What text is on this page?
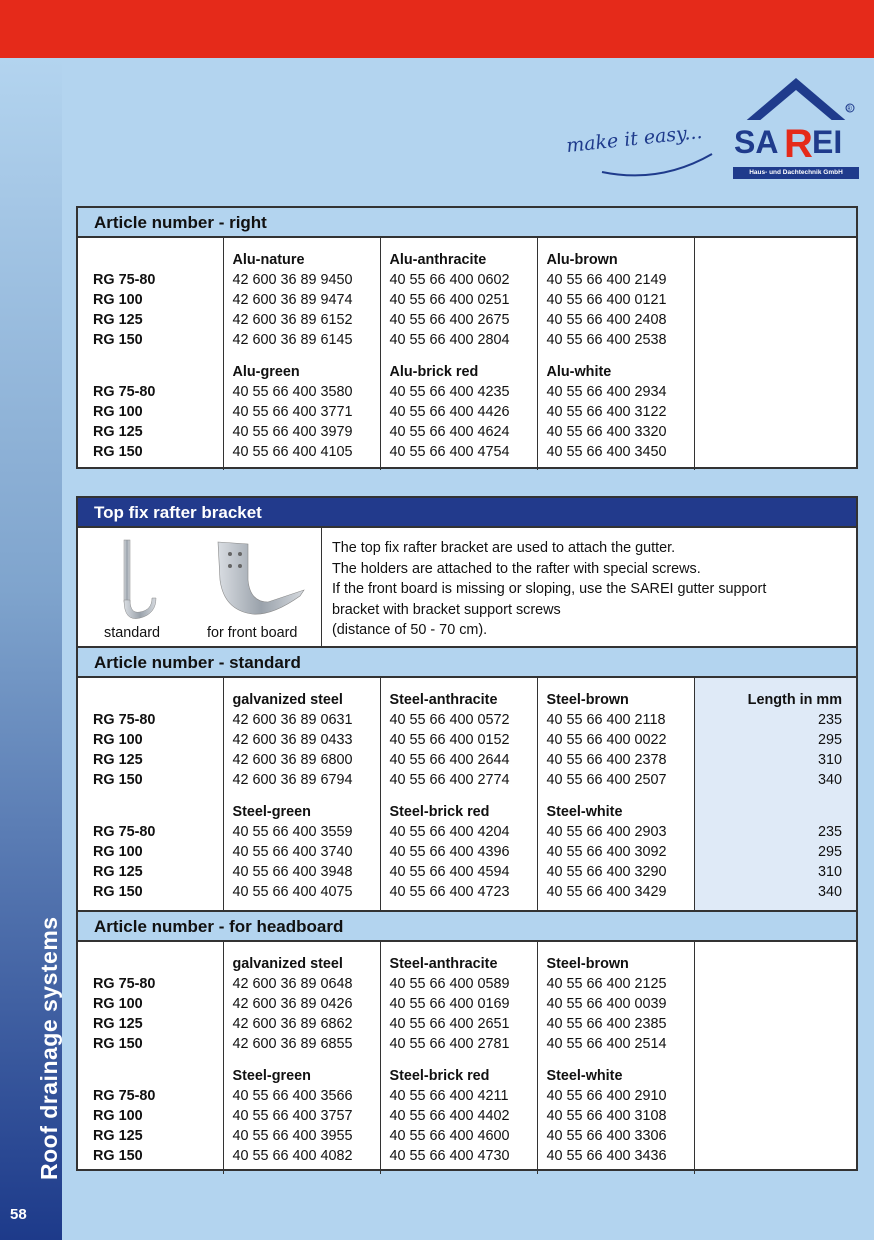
Roof drainage systems
58
make it easy... SA R EI
Haus- und Dachtechnik GmbH
®
Article number - right

	Alu-nature	Alu-anthracite	Alu-brown	
RG 75-80	42 600 36 89 9450	40 55 66 400 0602	40 55 66 400 2149	
RG 100	42 600 36 89 9474	40 55 66 400 0251	40 55 66 400 0121	
RG 125	42 600 36 89 6152	40 55 66 400 2675	40 55 66 400 2408	
RG 150	42 600 36 89 6145	40 55 66 400 2804	40 55 66 400 2538	

	Alu-green	Alu-brick red	Alu-white	
RG 75-80	40 55 66 400 3580	40 55 66 400 4235	40 55 66 400 2934	
RG 100	40 55 66 400 3771	40 55 66 400 4426	40 55 66 400 3122	
RG 125	40 55 66 400 3979	40 55 66 400 4624	40 55 66 400 3320	
RG 150	40 55 66 400 4105	40 55 66 400 4754	40 55 66 400 3450	

Top fix rafter bracket
standard	for front board
The top fix rafter bracket are used to attach the gutter.
The holders are attached to the rafter with special screws.
If the front board is missing or sloping, use the SAREI gutter support
bracket with bracket support screws
(distance of 50 - 70 cm).
Article number - standard

	galvanized steel	Steel-anthracite	Steel-brown	Length in mm
RG 75-80	42 600 36 89 0631	40 55 66 400 0572	40 55 66 400 2118	235
RG 100	42 600 36 89 0433	40 55 66 400 0152	40 55 66 400 0022	295
RG 125	42 600 36 89 6800	40 55 66 400 2644	40 55 66 400 2378	310
RG 150	42 600 36 89 6794	40 55 66 400 2774	40 55 66 400 2507	340

	Steel-green	Steel-brick red	Steel-white	
RG 75-80	40 55 66 400 3559	40 55 66 400 4204	40 55 66 400 2903	235
RG 100	40 55 66 400 3740	40 55 66 400 4396	40 55 66 400 3092	295
RG 125	40 55 66 400 3948	40 55 66 400 4594	40 55 66 400 3290	310
RG 150	40 55 66 400 4075	40 55 66 400 4723	40 55 66 400 3429	340

Article number - for headboard

	galvanized steel	Steel-anthracite	Steel-brown	
RG 75-80	42 600 36 89 0648	40 55 66 400 0589	40 55 66 400 2125	
RG 100	42 600 36 89 0426	40 55 66 400 0169	40 55 66 400 0039	
RG 125	42 600 36 89 6862	40 55 66 400 2651	40 55 66 400 2385	
RG 150	42 600 36 89 6855	40 55 66 400 2781	40 55 66 400 2514	

	Steel-green	Steel-brick red	Steel-white	
RG 75-80	40 55 66 400 3566	40 55 66 400 4211	40 55 66 400 2910	
RG 100	40 55 66 400 3757	40 55 66 400 4402	40 55 66 400 3108	
RG 125	40 55 66 400 3955	40 55 66 400 4600	40 55 66 400 3306	
RG 150	40 55 66 400 4082	40 55 66 400 4730	40 55 66 400 3436	
